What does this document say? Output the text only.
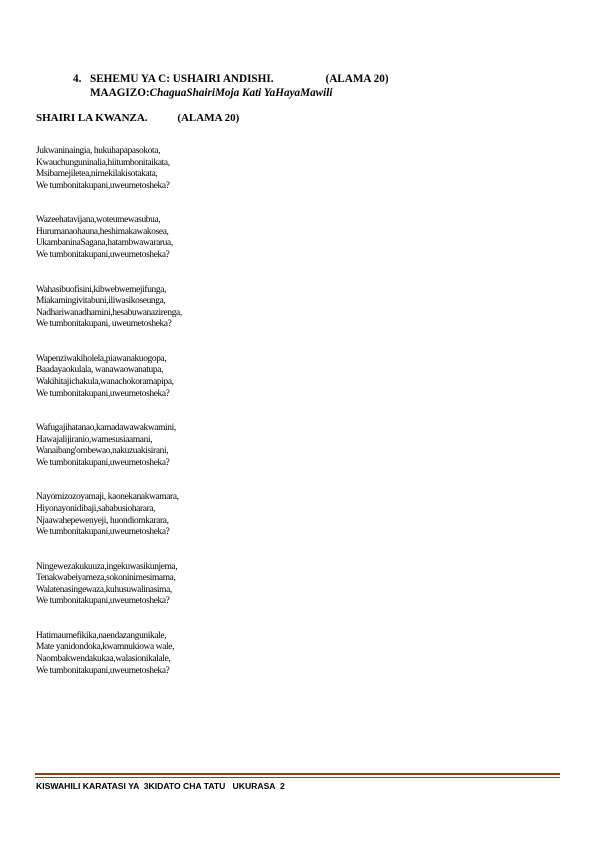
4. SEHEMU YA C: USHAIRI ANDISHI.	(ALAMA 20)
MAAGIZO:ChaguaShairiMoja Kati YaHayaMawili
SHAIRI LA KWANZA.	(ALAMA 20)
Jukwaninaingia, hukuhapapasokota,
Kwauchunguninalia,hiitumbonitaikata,
Msibamejiletea,nimekilakisotakata,
We tumbonitakupani,uweumetosheka?
Wazeehatavijana,woteumewasubua,
Hurumanaohauna,heshimakawakosea,
UkambaninaSagana,hatambwawararua,
We tumbonitakupani,uweumetosheka?
Wahasibuofisini,kibwebwemejifunga,
Miakamingivitabuni,iliwasikoseunga,
Nadhariwanadhamini,hesabuwanazirenga,
We tumbonitakupani, uweumetosheka?
Wapenziwakiholela,piawanakuogopa,
Baadayaokulala, wanawaowanatupa,
Wakihitajichakula,wanachokoramapipa,
We tumbonitakupani,uweumetosheka?
Wafugajihatanao,kamadawawakwamini,
Hawajalijiranio,wamesusiaamani,
Wanaibang'ombewao,nakuzuakisirani,
We tumbonitakupani,uweumetosheka?
Nayomizozoyamaji, kaonekanakwamara,
Hiyonayonidibaji,sababusioharara,
Njaawahepewenyeji, huondiomkarara,
We tumbonitakupani,uweumetosheka?
Ningewezakukuuza,ingekuwasikunjema,
Tenakwabeiyameza,sokoninimesimama,
Walatenasingewaza,kuhusuwalinasima,
We tumbonitakupani,uweumetosheka?
Hatimaumefikika,naendazangunikale,
Mate yanidondoka,kwamnukiowa wale,
Naombakwendakukaa,walasionikalale,
We tumbonitakupani,uweumetosheka?
KISWAHILI KARATASI YA  3KIDATO CHA TATU   UKURASA  2
